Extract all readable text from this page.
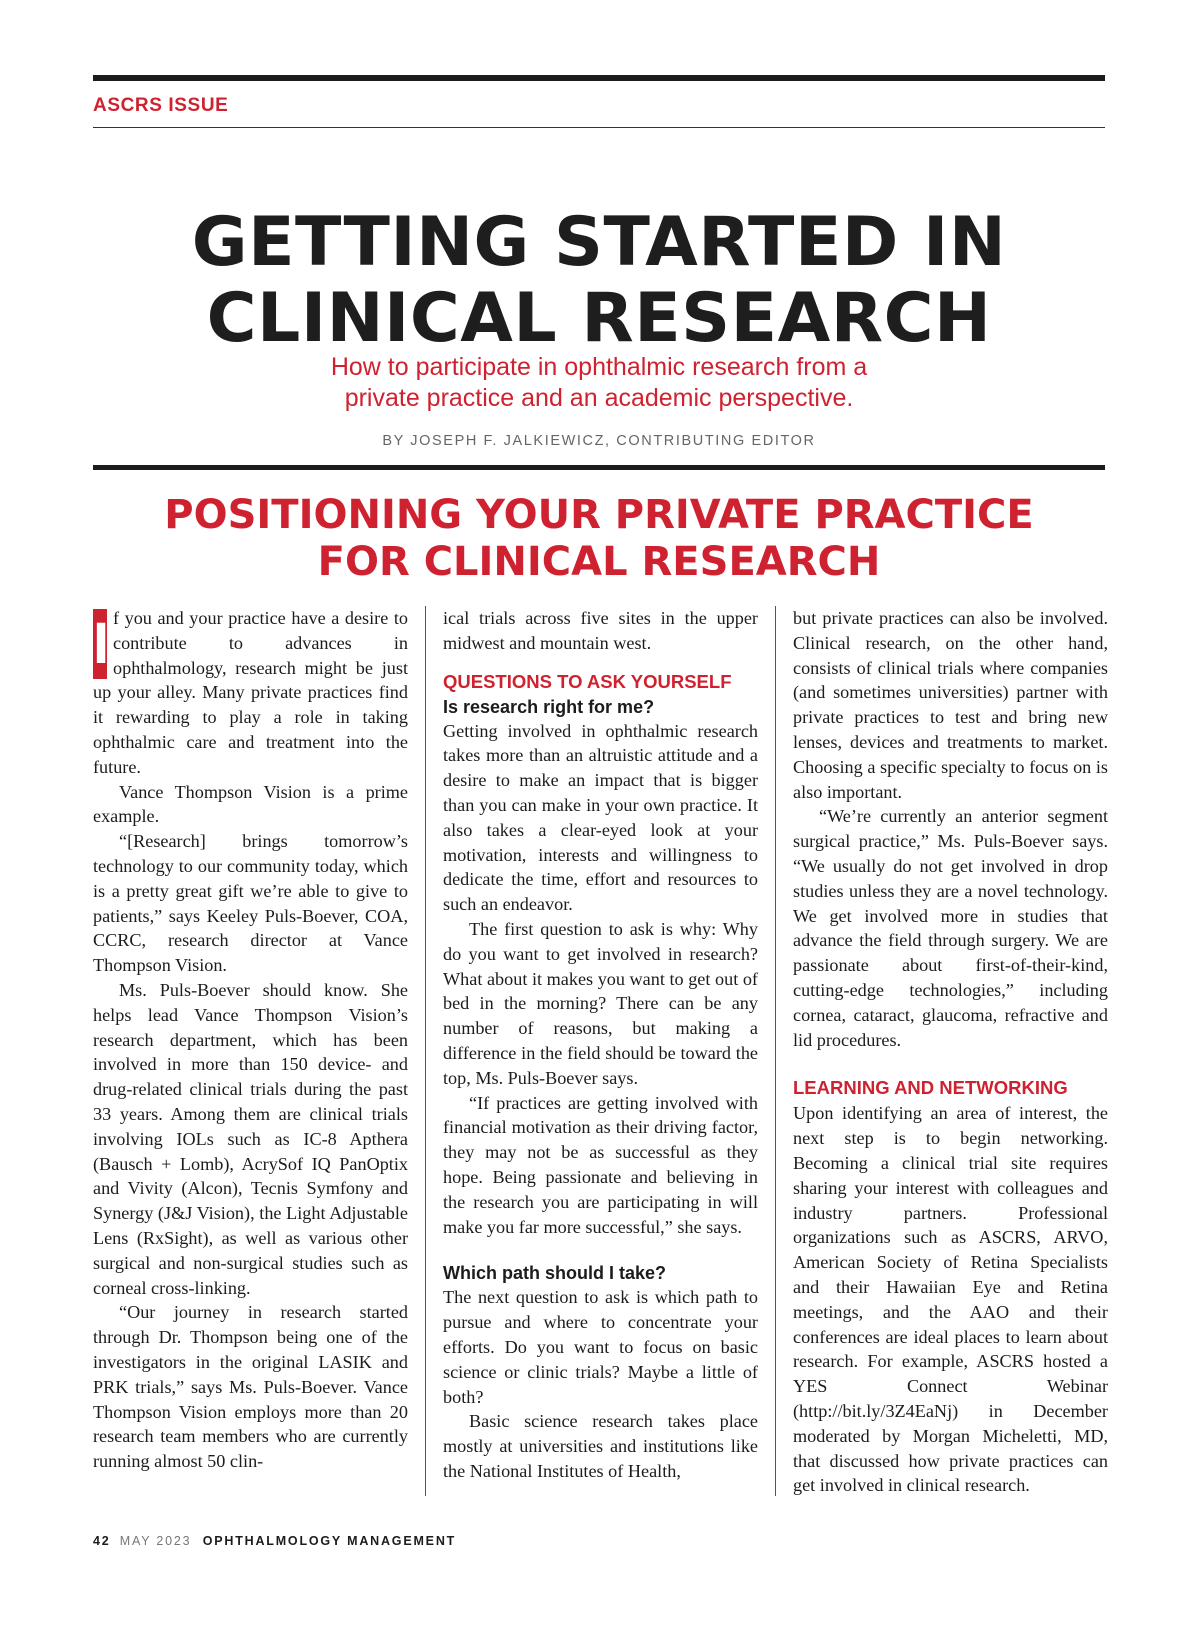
ASCRS ISSUE
GETTING STARTED IN
CLINICAL RESEARCH
How to participate in ophthalmic research from a
private practice and an academic perspective.
BY JOSEPH F. JALKIEWICZ, CONTRIBUTING EDITOR
POSITIONING YOUR PRIVATE PRACTICE
FOR CLINICAL RESEARCH

I f you and your practice have a desire to contribute to advances in ophthalmology, research might be just up your alley. Many private practices find it rewarding to play a role in taking ophthalmic care and treatment into the future.

Vance Thompson Vision is a prime example.

“[Research] brings tomorrow’s technology to our community today, which is a pretty great gift we’re able to give to patients,” says Keeley Puls-Boever, COA, CCRC, research director at Vance Thompson Vision.

Ms. Puls-Boever should know. She helps lead Vance Thompson Vision’s research department, which has been involved in more than 150 device- and drug-related clinical trials during the past 33 years. Among them are clinical trials involving IOLs such as IC-8 Apthera (Bausch + Lomb), AcrySof IQ PanOptix and Vivity (Alcon), Tecnis Symfony and Synergy (J&J Vision), the Light Adjustable Lens (RxSight), as well as various other surgical and non-surgical studies such as corneal cross-linking.

“Our journey in research started through Dr. Thompson being one of the investigators in the original LASIK and PRK trials,” says Ms. Puls-Boever. Vance Thompson Vision employs more than 20 research team members who are currently running almost 50 clin-

ical trials across five sites in the upper midwest and mountain west.

QUESTIONS TO ASK YOURSELF
Is research right for me?

Getting involved in ophthalmic research takes more than an altruistic attitude and a desire to make an impact that is bigger than you can make in your own practice. It also takes a clear-eyed look at your motivation, interests and willingness to dedicate the time, effort and resources to such an endeavor.

The first question to ask is why: Why do you want to get involved in research? What about it makes you want to get out of bed in the morning? There can be any number of reasons, but making a difference in the field should be toward the top, Ms. Puls-Boever says.

“If practices are getting involved with financial motivation as their driving factor, they may not be as successful as they hope. Being passionate and believing in the research you are participating in will make you far more successful,” she says.

Which path should I take?

The next question to ask is which path to pursue and where to concentrate your efforts. Do you want to focus on basic science or clinic trials? Maybe a little of both?

Basic science research takes place mostly at universities and institutions like the National Institutes of Health,

but private practices can also be involved. Clinical research, on the other hand, consists of clinical trials where companies (and sometimes universities) partner with private practices to test and bring new lenses, devices and treatments to market. Choosing a specific specialty to focus on is also important.

“We’re currently an anterior segment surgical practice,” Ms. Puls-Boever says. “We usually do not get involved in drop studies unless they are a novel technology. We get involved more in studies that advance the field through surgery. We are passionate about first-of-their-kind, cutting-edge technologies,” including cornea, cataract, glaucoma, refractive and lid procedures.

LEARNING AND NETWORKING

Upon identifying an area of interest, the next step is to begin networking. Becoming a clinical trial site requires sharing your interest with colleagues and industry partners. Professional organizations such as ASCRS, ARVO, American Society of Retina Specialists and their Hawaiian Eye and Retina meetings, and the AAO and their conferences are ideal places to learn about research. For example, ASCRS hosted a YES Connect Webinar (http://bit.ly/3Z4EaNj) in December moderated by Morgan Micheletti, MD, that discussed how private practices can get involved in clinical research.

42 MAY 2023 OPHTHALMOLOGY MANAGEMENT
